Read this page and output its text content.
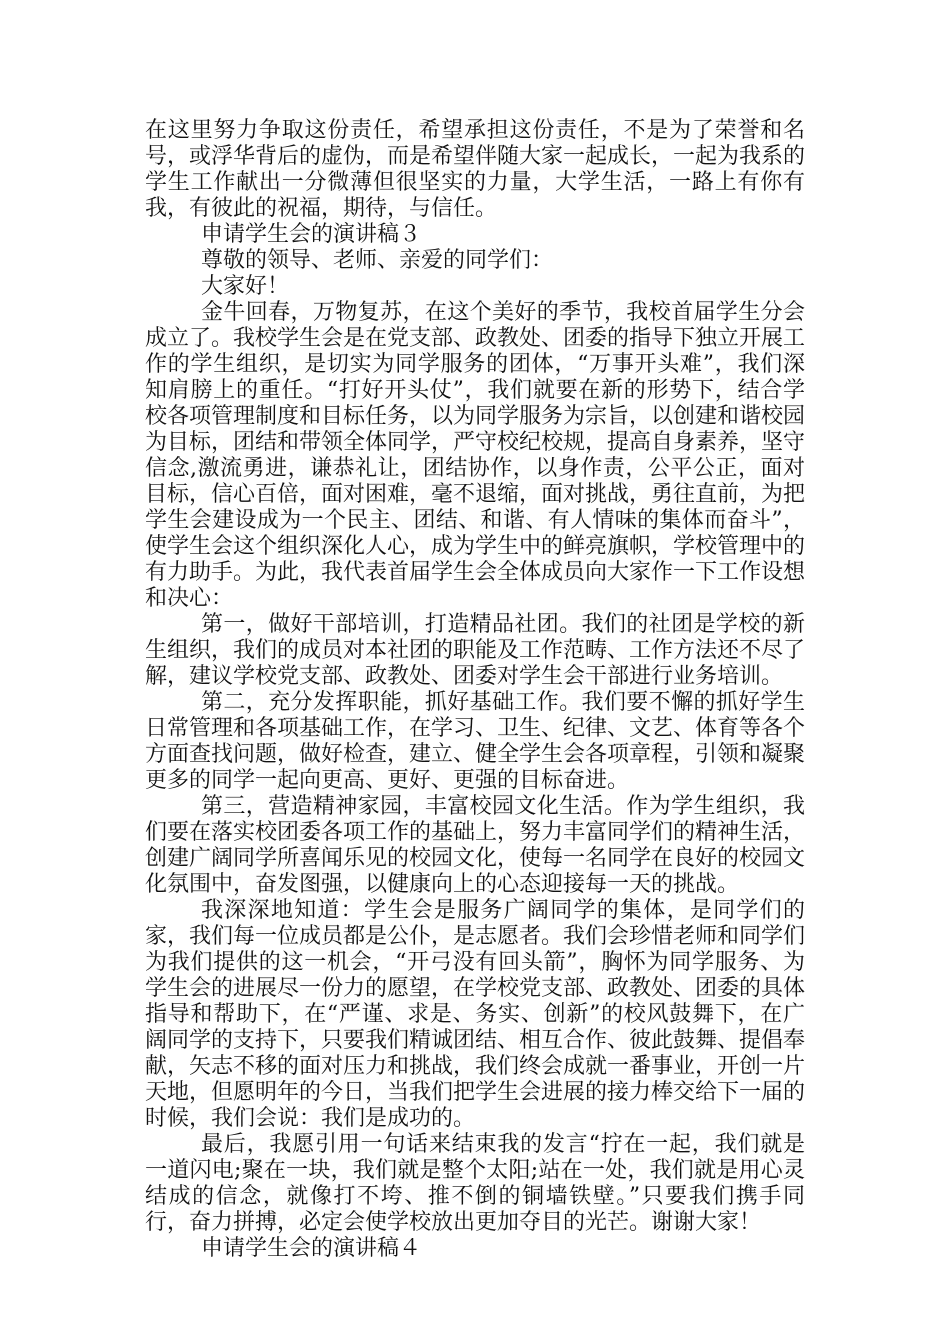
在这里努力争取这份责任，希望承担这份责任，不是为了荣誉和名号，或浮华背后的虚伪，而是希望伴随大家一起成长，一起为我系的学生工作献出一分微薄但很坚实的力量，大学生活，一路上有你有我，有彼此的祝福，期待，与信任。

申请学生会的演讲稿３

尊敬的领导、老师、亲爱的同学们：

大家好！

金牛回春，万物复苏，在这个美好的季节，我校首届学生分会成立了。我校学生会是在党支部、政教处、团委的指导下独立开展工作的学生组织，是切实为同学服务的团体，“万事开头难”，我们深知肩膀上的重任。“打好开头仗”，我们就要在新的形势下，结合学校各项管理制度和目标任务，以为同学服务为宗旨，以创建和谐校园为目标，团结和带领全体同学，严守校纪校规，提高自身素养，坚守信念,激流勇进，谦恭礼让，团结协作，以身作责，公平公正，面对目标，信心百倍，面对困难，毫不退缩，面对挑战，勇往直前，为把学生会建设成为一个民主、团结、和谐、有人情味的集体而奋斗”，使学生会这个组织深化人心，成为学生中的鲜亮旗帜，学校管理中的有力助手。为此，我代表首届学生会全体成员向大家作一下工作设想和决心：

第一，做好干部培训，打造精品社团。我们的社团是学校的新生组织，我们的成员对本社团的职能及工作范畴、工作方法还不尽了解，建议学校党支部、政教处、团委对学生会干部进行业务培训。

第二，充分发挥职能，抓好基础工作。我们要不懈的抓好学生日常管理和各项基础工作，在学习、卫生、纪律、文艺、体育等各个方面查找问题，做好检查，建立、健全学生会各项章程，引领和凝聚更多的同学一起向更高、更好、更强的目标奋进。

第三，营造精神家园，丰富校园文化生活。作为学生组织，我们要在落实校团委各项工作的基础上，努力丰富同学们的精神生活，创建广阔同学所喜闻乐见的校园文化，使每一名同学在良好的校园文化氛围中，奋发图强，以健康向上的心态迎接每一天的挑战。

我深深地知道：学生会是服务广阔同学的集体，是同学们的家，我们每一位成员都是公仆，是志愿者。我们会珍惜老师和同学们为我们提供的这一机会，“开弓没有回头箭”，胸怀为同学服务、为学生会的进展尽一份力的愿望，在学校党支部、政教处、团委的具体指导和帮助下，在“严谨、求是、务实、创新”的校风鼓舞下，在广阔同学的支持下，只要我们精诚团结、相互合作、彼此鼓舞、提倡奉献，矢志不移的面对压力和挑战，我们终会成就一番事业，开创一片天地，但愿明年的今日，当我们把学生会进展的接力棒交给下一届的时候，我们会说：我们是成功的。

最后，我愿引用一句话来结束我的发言“拧在一起，我们就是一道闪电;聚在一块，我们就是整个太阳;站在一处，我们就是用心灵结成的信念，就像打不垮、推不倒的铜墙铁壁。”只要我们携手同行，奋力拼搏，必定会使学校放出更加夺目的光芒。谢谢大家！

申请学生会的演讲稿４
